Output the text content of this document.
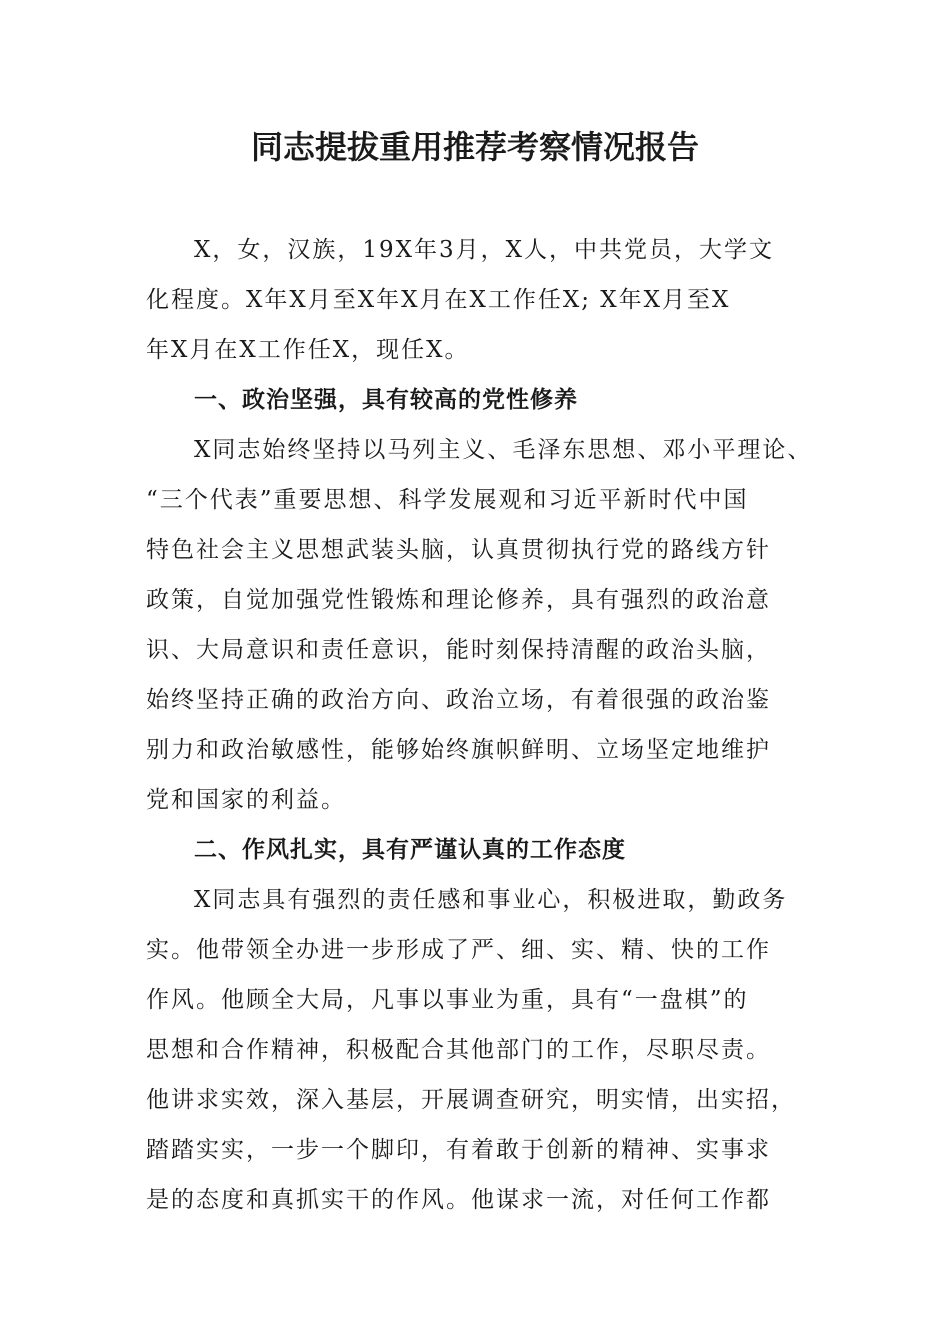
同志提拔重用推荐考察情况报告

X，女，汉族，19X年3月，X人，中共党员，大学文

化程度。X年X月至X年X月在X工作任X; X年X月至X

年X月在X工作任X，现任X。

一、政治坚强，具有较高的党性修养

X同志始终坚持以马列主义、毛泽东思想、邓小平理论、

“三个代表”重要思想、科学发展观和习近平新时代中国

特色社会主义思想武装头脑，认真贯彻执行党的路线方针

政策，自觉加强党性锻炼和理论修养，具有强烈的政治意

识、大局意识和责任意识，能时刻保持清醒的政治头脑，

始终坚持正确的政治方向、政治立场，有着很强的政治鉴

别力和政治敏感性，能够始终旗帜鲜明、立场坚定地维护

党和国家的利益。

二、作风扎实，具有严谨认真的工作态度

X同志具有强烈的责任感和事业心，积极进取，勤政务

实。他带领全办进一步形成了严、细、实、精、快的工作

作风。他顾全大局，凡事以事业为重，具有“一盘棋”的

思想和合作精神，积极配合其他部门的工作，尽职尽责。

他讲求实效，深入基层，开展调查研究，明实情，出实招，

踏踏实实，一步一个脚印，有着敢于创新的精神、实事求

是的态度和真抓实干的作风。他谋求一流，对任何工作都
